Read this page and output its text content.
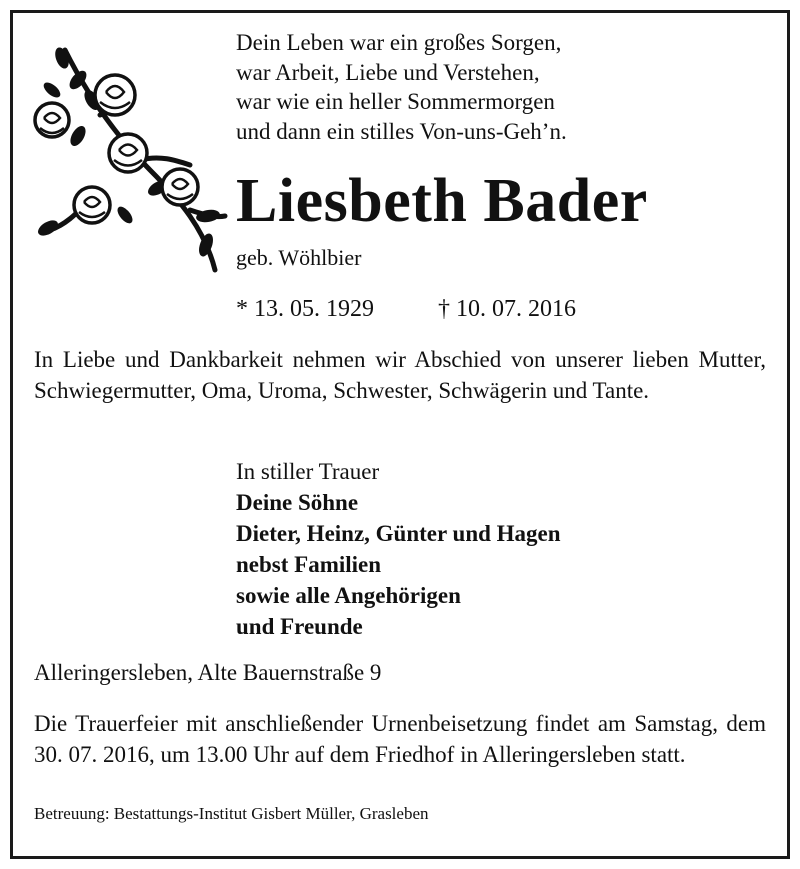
Dein Leben war ein großes Sorgen,
war Arbeit, Liebe und Verstehen,
war wie ein heller Sommermorgen
und dann ein stilles Von-uns-Geh’n.
Liesbeth Bader
geb. Wöhlbier
* 13. 05. 1929	† 10. 07. 2016
In Liebe und Dankbarkeit nehmen wir Abschied von unserer lieben Mutter, Schwiegermutter, Oma, Uroma, Schwester, Schwägerin und Tante.
In stiller Trauer
Deine Söhne
Dieter, Heinz, Günter und Hagen
nebst Familien
sowie alle Angehörigen
und Freunde
Alleringersleben, Alte Bauernstraße 9
Die Trauerfeier mit anschließender Urnenbeisetzung findet am Samstag, dem 30. 07. 2016, um 13.00 Uhr auf dem Friedhof in Alleringersleben statt.
Betreuung: Bestattungs-Institut Gisbert Müller, Grasleben
